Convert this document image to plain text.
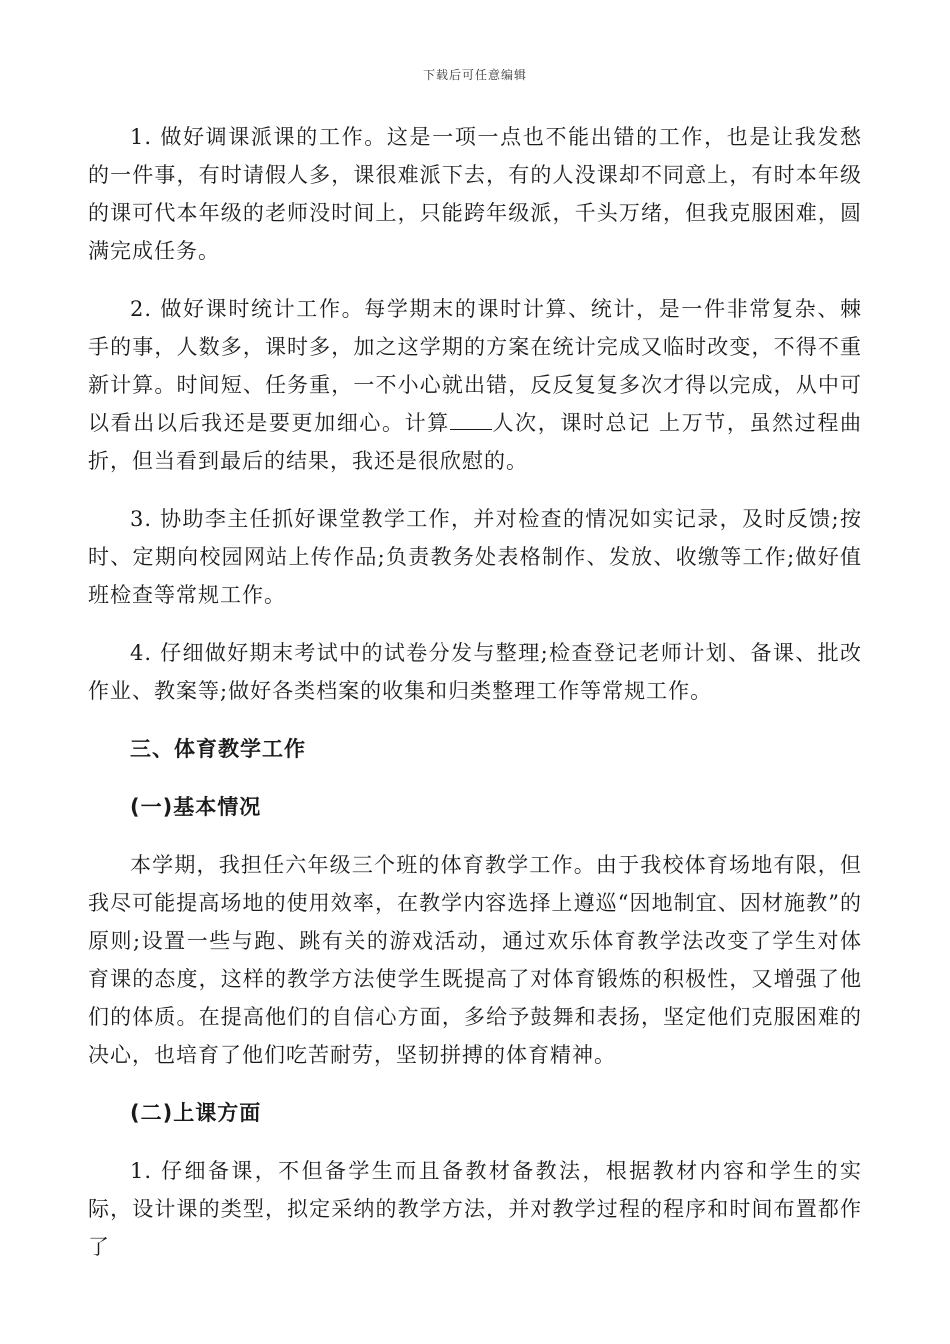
下载后可任意编辑

1. 做好调课派课的工作。这是一项一点也不能出错的工作，也是让我发愁的一件事，有时请假人多，课很难派下去，有的人没课却不同意上，有时本年级的课可代本年级的老师没时间上，只能跨年级派，千头万绪，但我克服困难，圆满完成任务。

2. 做好课时统计工作。每学期末的课时计算、统计，是一件非常复杂、棘手的事，人数多，课时多，加之这学期的方案在统计完成又临时改变，不得不重新计算。时间短、任务重，一不小心就出错，反反复复多次才得以完成，从中可以看出以后我还是要更加细心。计算 人次，课时总记 上万节，虽然过程曲折，但当看到最后的结果，我还是很欣慰的。

3. 协助李主任抓好课堂教学工作，并对检查的情况如实记录，及时反馈;按时、定期向校园网站上传作品;负责教务处表格制作、发放、收缴等工作;做好值班检查等常规工作。

4. 仔细做好期末考试中的试卷分发与整理;检查登记老师计划、备课、批改作业、教案等;做好各类档案的收集和归类整理工作等常规工作。

三、体育教学工作

(一)基本情况

本学期，我担任六年级三个班的体育教学工作。由于我校体育场地有限，但我尽可能提高场地的使用效率，在教学内容选择上遵巡“因地制宜、因材施教”的原则;设置一些与跑、跳有关的游戏活动，通过欢乐体育教学法改变了学生对体育课的态度，这样的教学方法使学生既提高了对体育锻炼的积极性，又增强了他们的体质。在提高他们的自信心方面，多给予鼓舞和表扬，坚定他们克服困难的决心，也培育了他们吃苦耐劳，坚韧拼搏的体育精神。

(二)上课方面

1. 仔细备课，不但备学生而且备教材备教法，根据教材内容和学生的实际，设计课的类型，拟定采纳的教学方法，并对教学过程的程序和时间布置都作了
